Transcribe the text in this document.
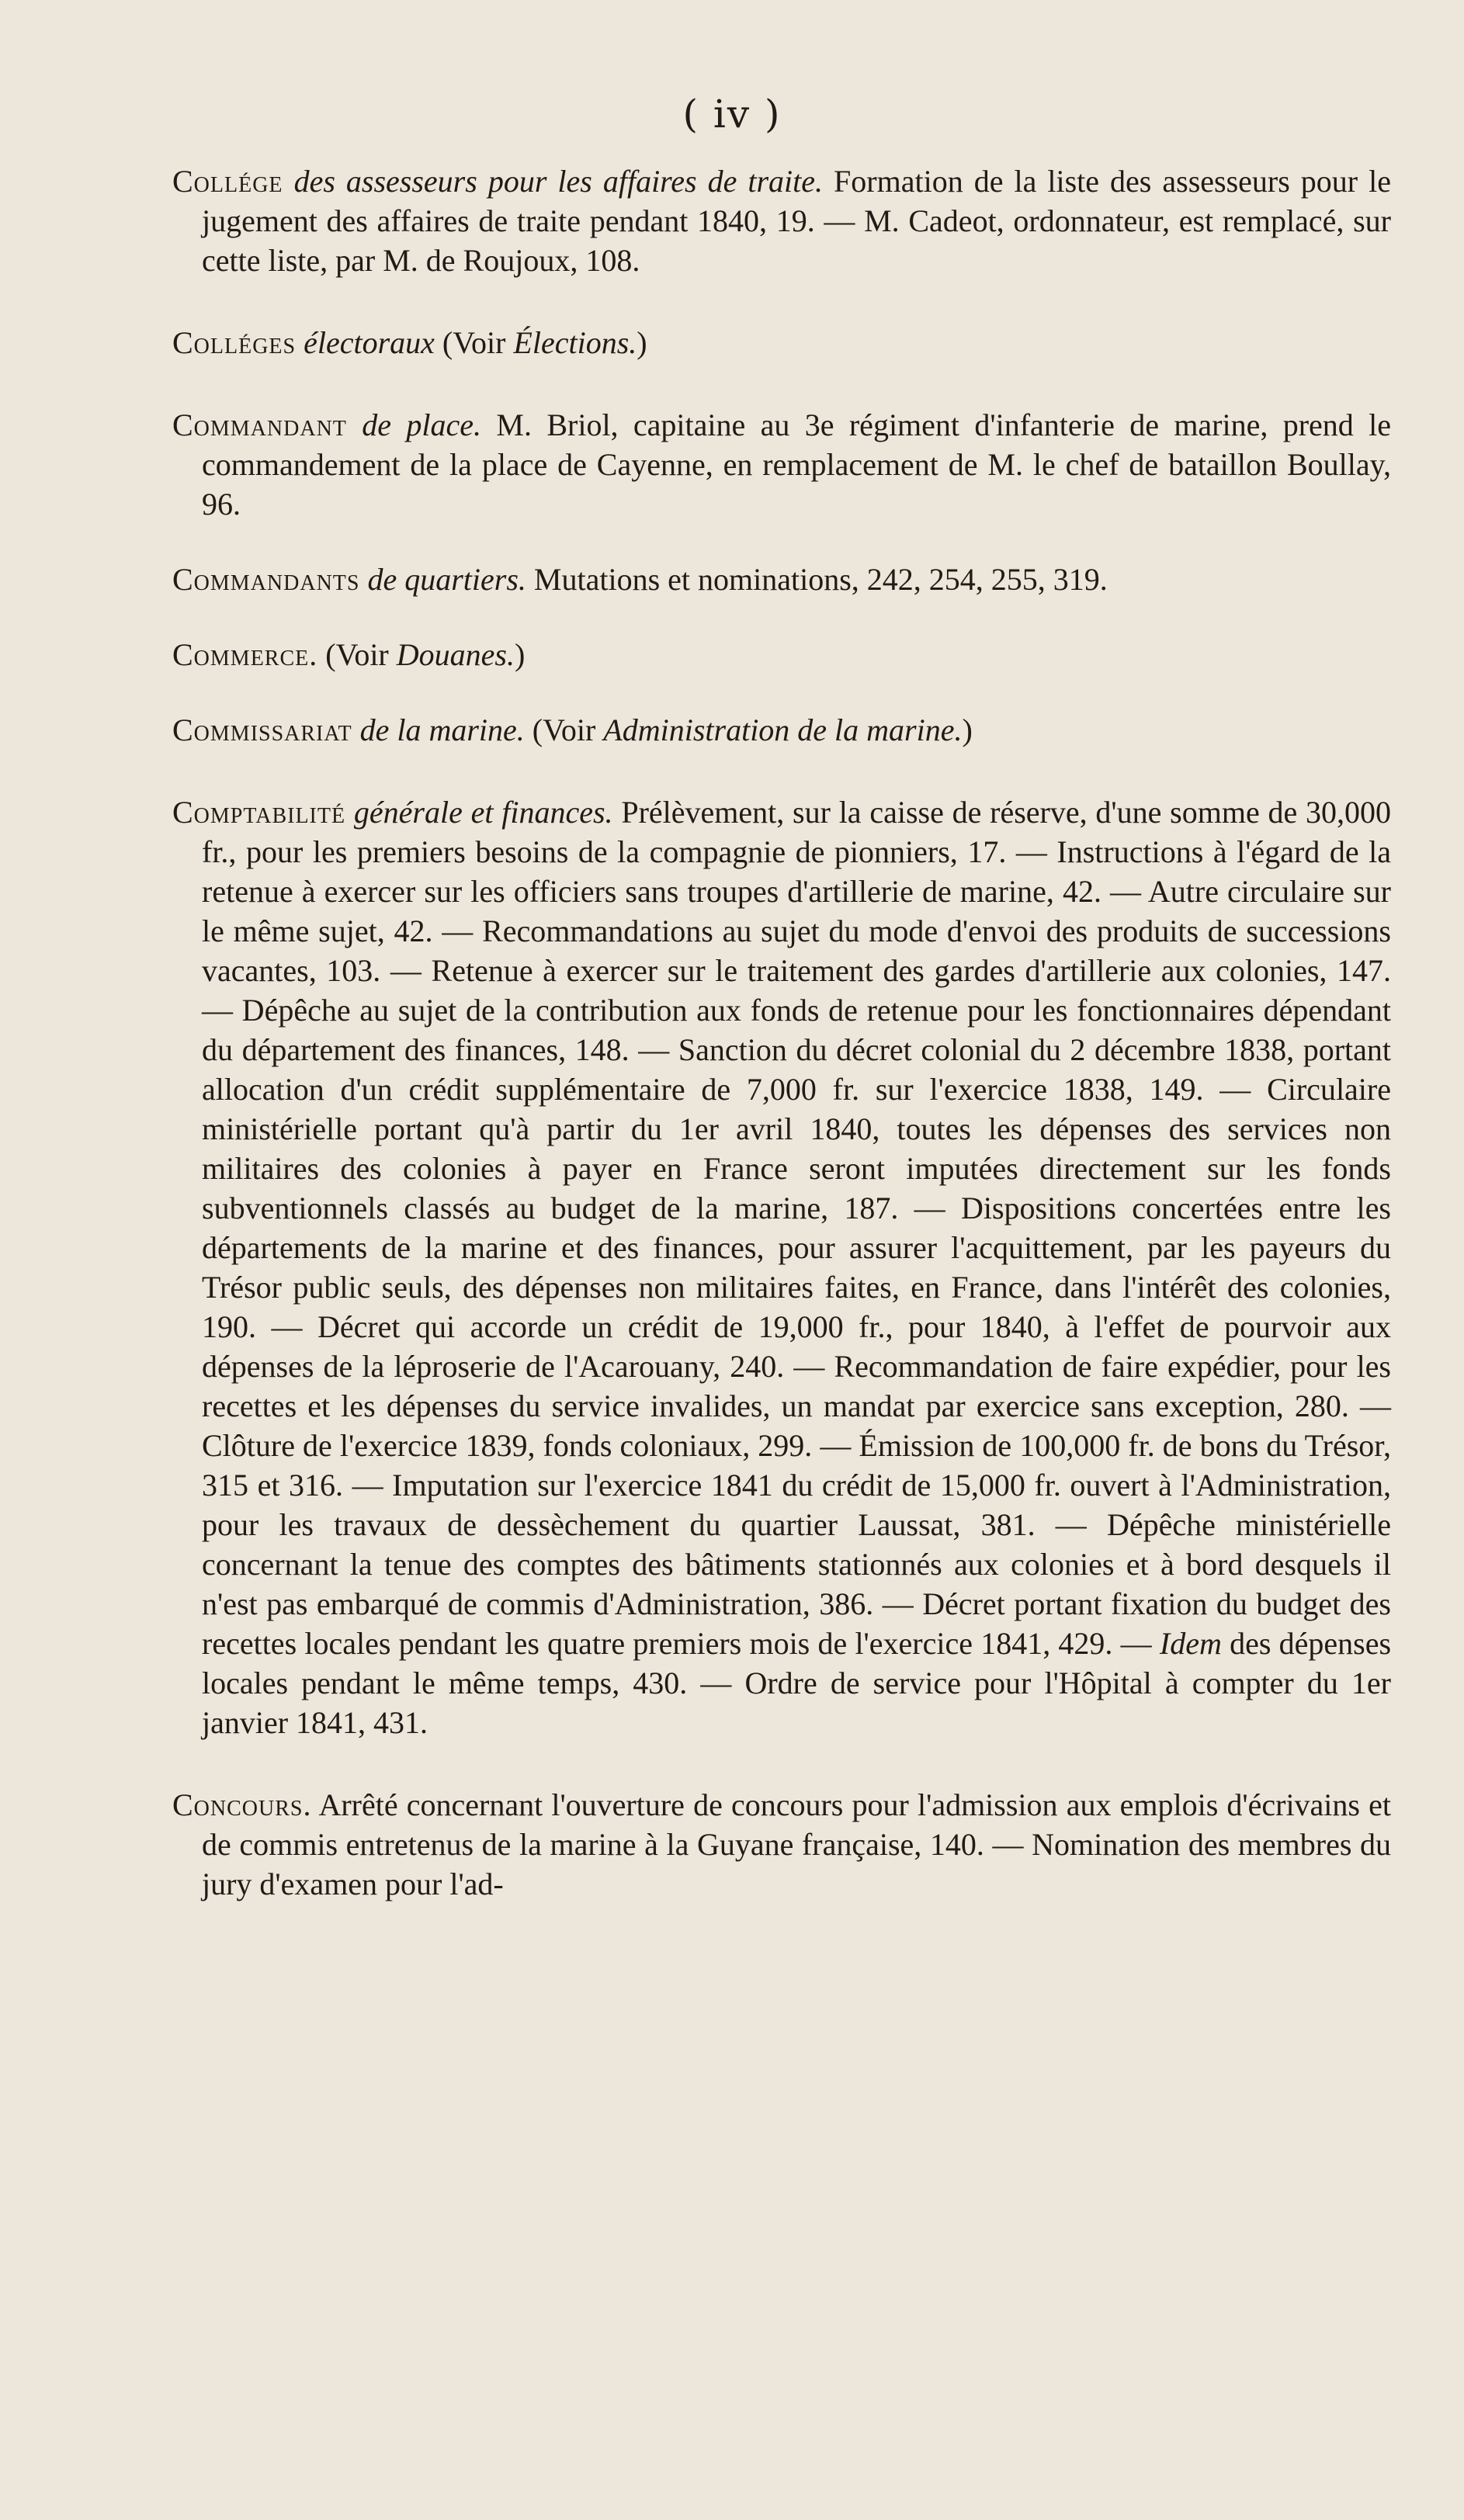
( iv )

Collége des assesseurs pour les affaires de traite. Formation de la liste des assesseurs pour le jugement des affaires de traite pendant 1840, 19. — M. Cadeot, ordonnateur, est remplacé, sur cette liste, par M. de Roujoux, 108.

Colléges électoraux (Voir Élections.)

Commandant de place. M. Briol, capitaine au 3e régiment d'infanterie de marine, prend le commandement de la place de Cayenne, en remplacement de M. le chef de bataillon Boullay, 96.

Commandants de quartiers. Mutations et nominations, 242, 254, 255, 319.

Commerce. (Voir Douanes.)

Commissariat de la marine. (Voir Administration de la marine.)

Comptabilité générale et finances. Prélèvement, sur la caisse de réserve, d'une somme de 30,000 fr., pour les premiers besoins de la compagnie de pionniers, 17. — Instructions à l'égard de la retenue à exercer sur les officiers sans troupes d'artillerie de marine, 42. — Autre circulaire sur le même sujet, 42. — Recommandations au sujet du mode d'envoi des produits de successions vacantes, 103. — Retenue à exercer sur le traitement des gardes d'artillerie aux colonies, 147. — Dépêche au sujet de la contribution aux fonds de retenue pour les fonctionnaires dépendant du département des finances, 148. — Sanction du décret colonial du 2 décembre 1838, portant allocation d'un crédit supplémentaire de 7,000 fr. sur l'exercice 1838, 149. — Circulaire ministérielle portant qu'à partir du 1er avril 1840, toutes les dépenses des services non militaires des colonies à payer en France seront imputées directement sur les fonds subventionnels classés au budget de la marine, 187. — Dispositions concertées entre les départements de la marine et des finances, pour assurer l'acquittement, par les payeurs du Trésor public seuls, des dépenses non militaires faites, en France, dans l'intérêt des colonies, 190. — Décret qui accorde un crédit de 19,000 fr., pour 1840, à l'effet de pourvoir aux dépenses de la léproserie de l'Acarouany, 240. — Recommandation de faire expédier, pour les recettes et les dépenses du service invalides, un mandat par exercice sans exception, 280. — Clôture de l'exercice 1839, fonds coloniaux, 299. — Émission de 100,000 fr. de bons du Trésor, 315 et 316. — Imputation sur l'exercice 1841 du crédit de 15,000 fr. ouvert à l'Administration, pour les travaux de dessèchement du quartier Laussat, 381. — Dépêche ministérielle concernant la tenue des comptes des bâtiments stationnés aux colonies et à bord desquels il n'est pas embarqué de commis d'Administration, 386. — Décret portant fixation du budget des recettes locales pendant les quatre premiers mois de l'exercice 1841, 429. — Idem des dépenses locales pendant le même temps, 430. — Ordre de service pour l'Hôpital à compter du 1er janvier 1841, 431.

Concours. Arrêté concernant l'ouverture de concours pour l'admission aux emplois d'écrivains et de commis entretenus de la marine à la Guyane française, 140. — Nomination des membres du jury d'examen pour l'ad-
